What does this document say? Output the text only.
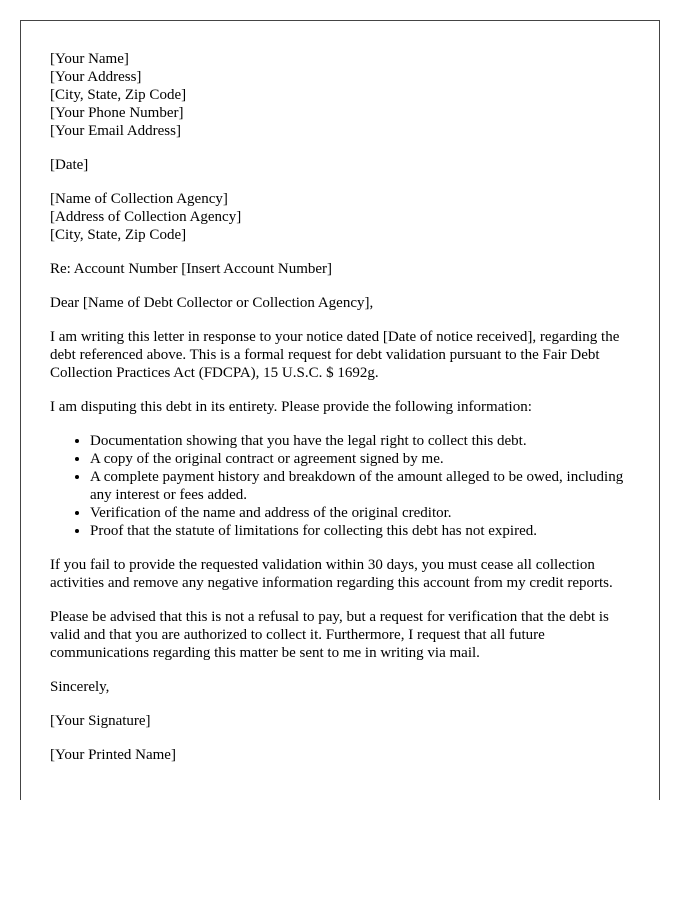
[Your Name]
[Your Address]
[City, State, Zip Code]
[Your Phone Number]
[Your Email Address]

[Date]

[Name of Collection Agency]
[Address of Collection Agency]
[City, State, Zip Code]

Re: Account Number [Insert Account Number]

Dear [Name of Debt Collector or Collection Agency],

I am writing this letter in response to your notice dated [Date of notice received], regarding the debt referenced above. This is a formal request for debt validation pursuant to the Fair Debt Collection Practices Act (FDCPA), 15 U.S.C. $ 1692g.

I am disputing this debt in its entirety. Please provide the following information:

• Documentation showing that you have the legal right to collect this debt.
• A copy of the original contract or agreement signed by me.
• A complete payment history and breakdown of the amount alleged to be owed, including any interest or fees added.
• Verification of the name and address of the original creditor.
• Proof that the statute of limitations for collecting this debt has not expired.

If you fail to provide the requested validation within 30 days, you must cease all collection activities and remove any negative information regarding this account from my credit reports.

Please be advised that this is not a refusal to pay, but a request for verification that the debt is valid and that you are authorized to collect it. Furthermore, I request that all future communications regarding this matter be sent to me in writing via mail.

Sincerely,

[Your Signature]

[Your Printed Name]
